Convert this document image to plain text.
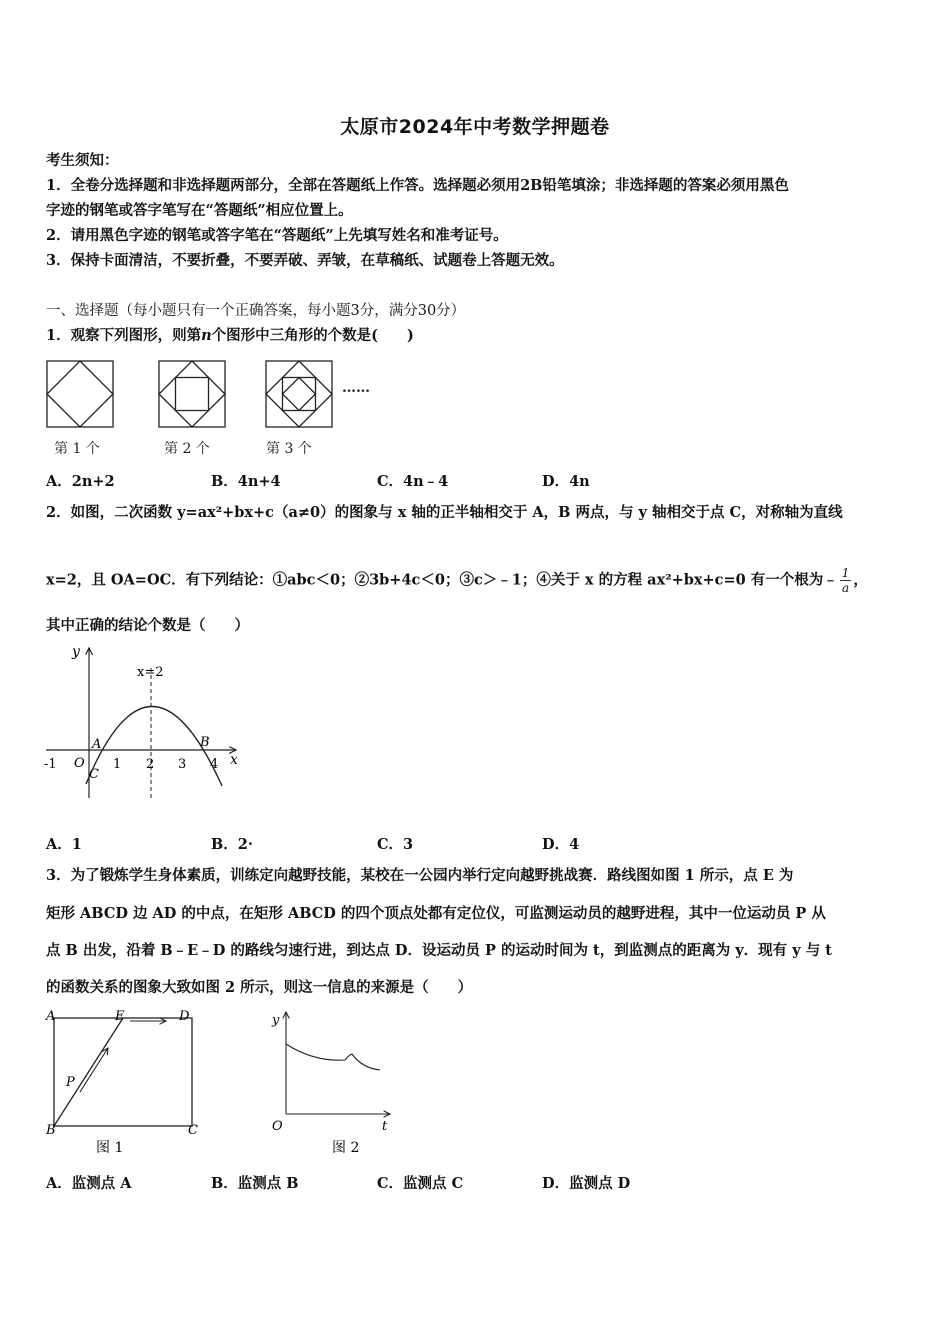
太原市2024年中考数学押题卷
考生须知：
1．全卷分选择题和非选择题两部分，全部在答题纸上作答。选择题必须用2B铅笔填涂；非选择题的答案必须用黑色
字迹的钢笔或答字笔写在“答题纸”相应位置上。
2．请用黑色字迹的钢笔或答字笔在“答题纸”上先填写姓名和准考证号。
3．保持卡面清洁，不要折叠，不要弄破、弄皱，在草稿纸、试题卷上答题无效。
一、选择题（每小题只有一个正确答案，每小题3分，满分30分）
1．观察下列图形，则第n个图形中三角形的个数是(　　)
……
第 1 个	第 2 个	第 3 个
A．2n+2	B．4n+4	C．4n﹣4	D．4n
2．如图，二次函数 y=ax²+bx+c（a≠0）的图象与 x 轴的正半轴相交于 A，B 两点，与 y 轴相交于点 C，对称轴为直线
x=2，且 OA=OC．有下列结论：①abc＜0；②3b+4c＜0；③c＞﹣1；④关于 x 的方程 ax²+bx+c=0 有一个根为﹣ $\frac{1}{a}$ ，
其中正确的结论个数是（　　）
y
x
x=2
A	B
C
O
-1	1 2 3 4
A．1	B．2·	C．3	D．4
3．为了锻炼学生身体素质，训练定向越野技能，某校在一公园内举行定向越野挑战赛．路线图如图 1 所示，点 E 为
矩形 ABCD 边 AD 的中点，在矩形 ABCD 的四个顶点处都有定位仪，可监测运动员的越野进程，其中一位运动员 P 从
点 B 出发，沿着 B﹣E﹣D 的路线匀速行进，到达点 D．设运动员 P 的运动时间为 t，到监测点的距离为 y．现有 y 与 t
的函数关系的图象大致如图 2 所示，则这一信息的来源是（　　）
A	D
E
B	C
P
图 1
y
t
O
图 2
A．监测点 A	B．监测点 B	C．监测点 C	D．监测点 D
